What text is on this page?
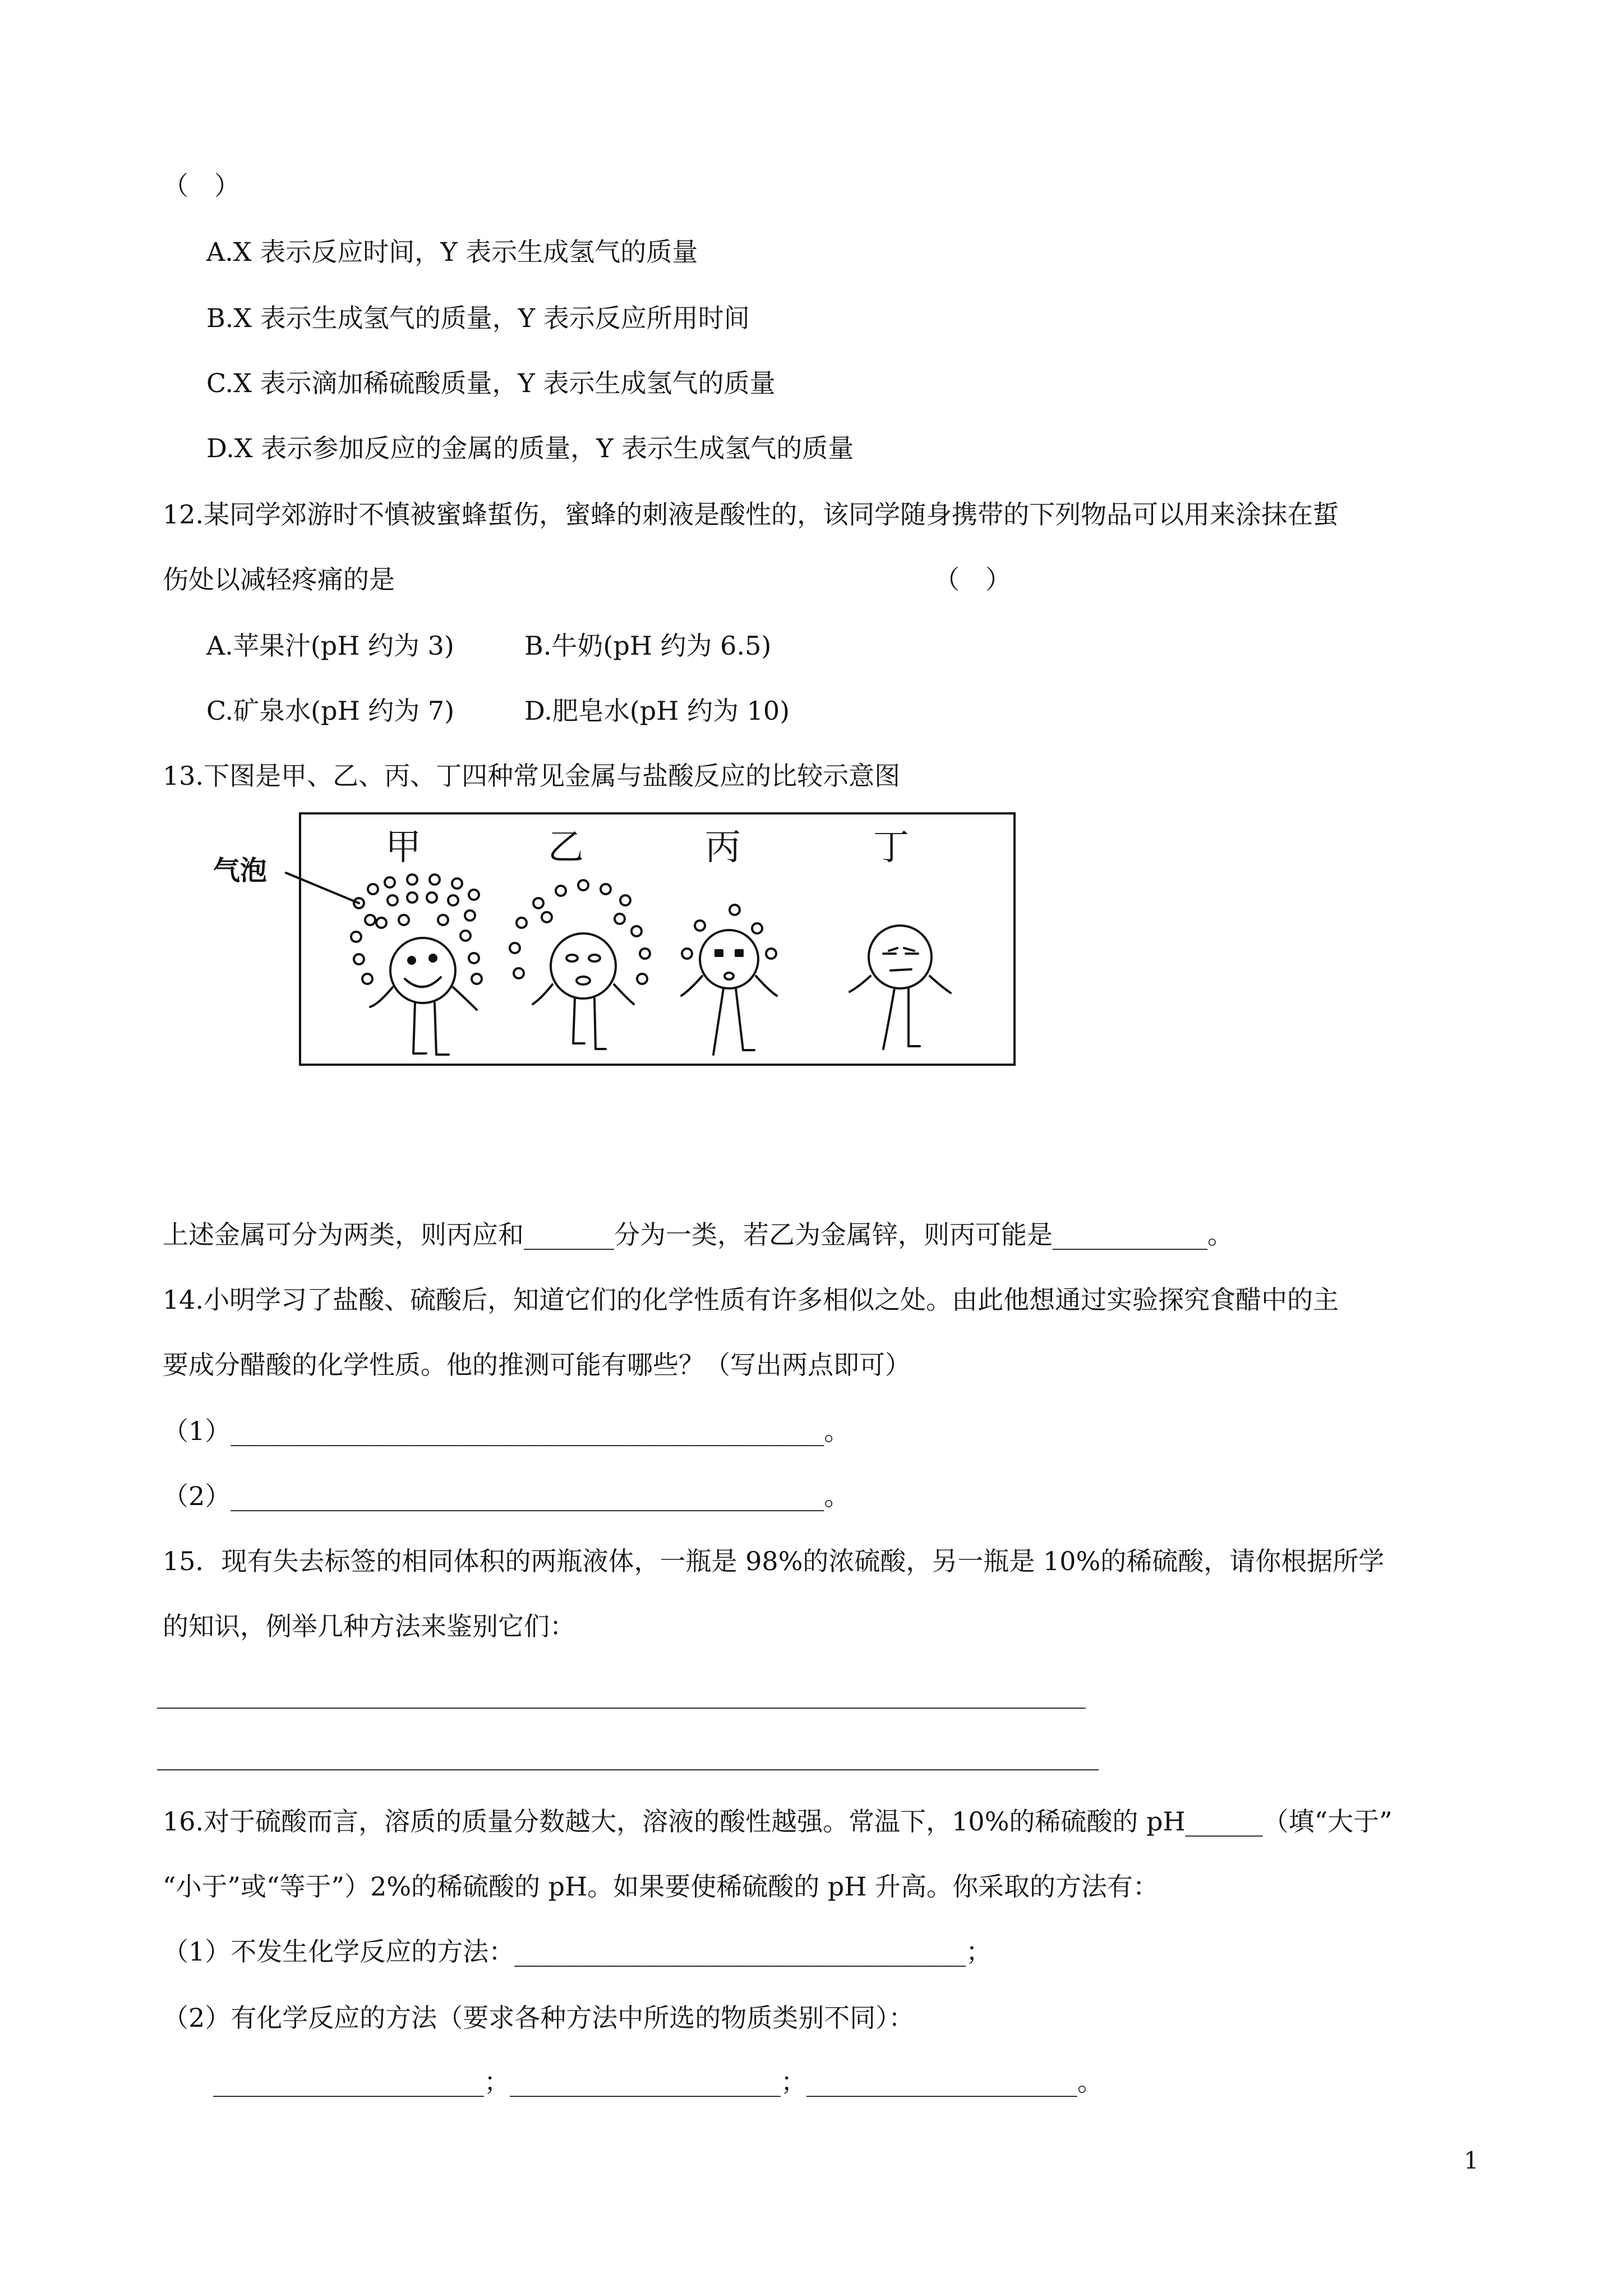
（　）
A.X 表示反应时间，Y 表示生成氢气的质量
B.X 表示生成氢气的质量，Y 表示反应所用时间
C.X 表示滴加稀硫酸质量，Y 表示生成氢气的质量
D.X 表示参加反应的金属的质量，Y 表示生成氢气的质量
12.某同学郊游时不慎被蜜蜂蜇伤，蜜蜂的刺液是酸性的，该同学随身携带的下列物品可以用来涂抹在蜇
伤处以减轻疼痛的是	（　）
A.苹果汁(pH 约为 3)	B.牛奶(pH 约为 6.5)
C.矿泉水(pH 约为 7)	D.肥皂水(pH 约为 10)
13.下图是甲、乙、丙、丁四种常见金属与盐酸反应的比较示意图
气泡
甲	乙	丙	丁
上述金属可分为两类，则丙应和_______分为一类，若乙为金属锌，则丙可能是____________。
14.小明学习了盐酸、硫酸后，知道它们的化学性质有许多相似之处。由此他想通过实验探究食醋中的主
要成分醋酸的化学性质。他的推测可能有哪些？（写出两点即可）
（1）______________________________________________。
（2）______________________________________________。
15．现有失去标签的相同体积的两瓶液体，一瓶是 98%的浓硫酸，另一瓶是 10%的稀硫酸，请你根据所学
的知识，例举几种方法来鉴别它们：
________________________________________________________________________
_________________________________________________________________________
16.对于硫酸而言，溶质的质量分数越大，溶液的酸性越强。常温下，10%的稀硫酸的 pH______（填“大于”
“小于”或“等于”）2%的稀硫酸的 pH。如果要使稀硫酸的 pH 升高。你采取的方法有：
（1）不发生化学反应的方法：___________________________________；
（2）有化学反应的方法（要求各种方法中所选的物质类别不同）：
_____________________；_____________________；_____________________。
1
